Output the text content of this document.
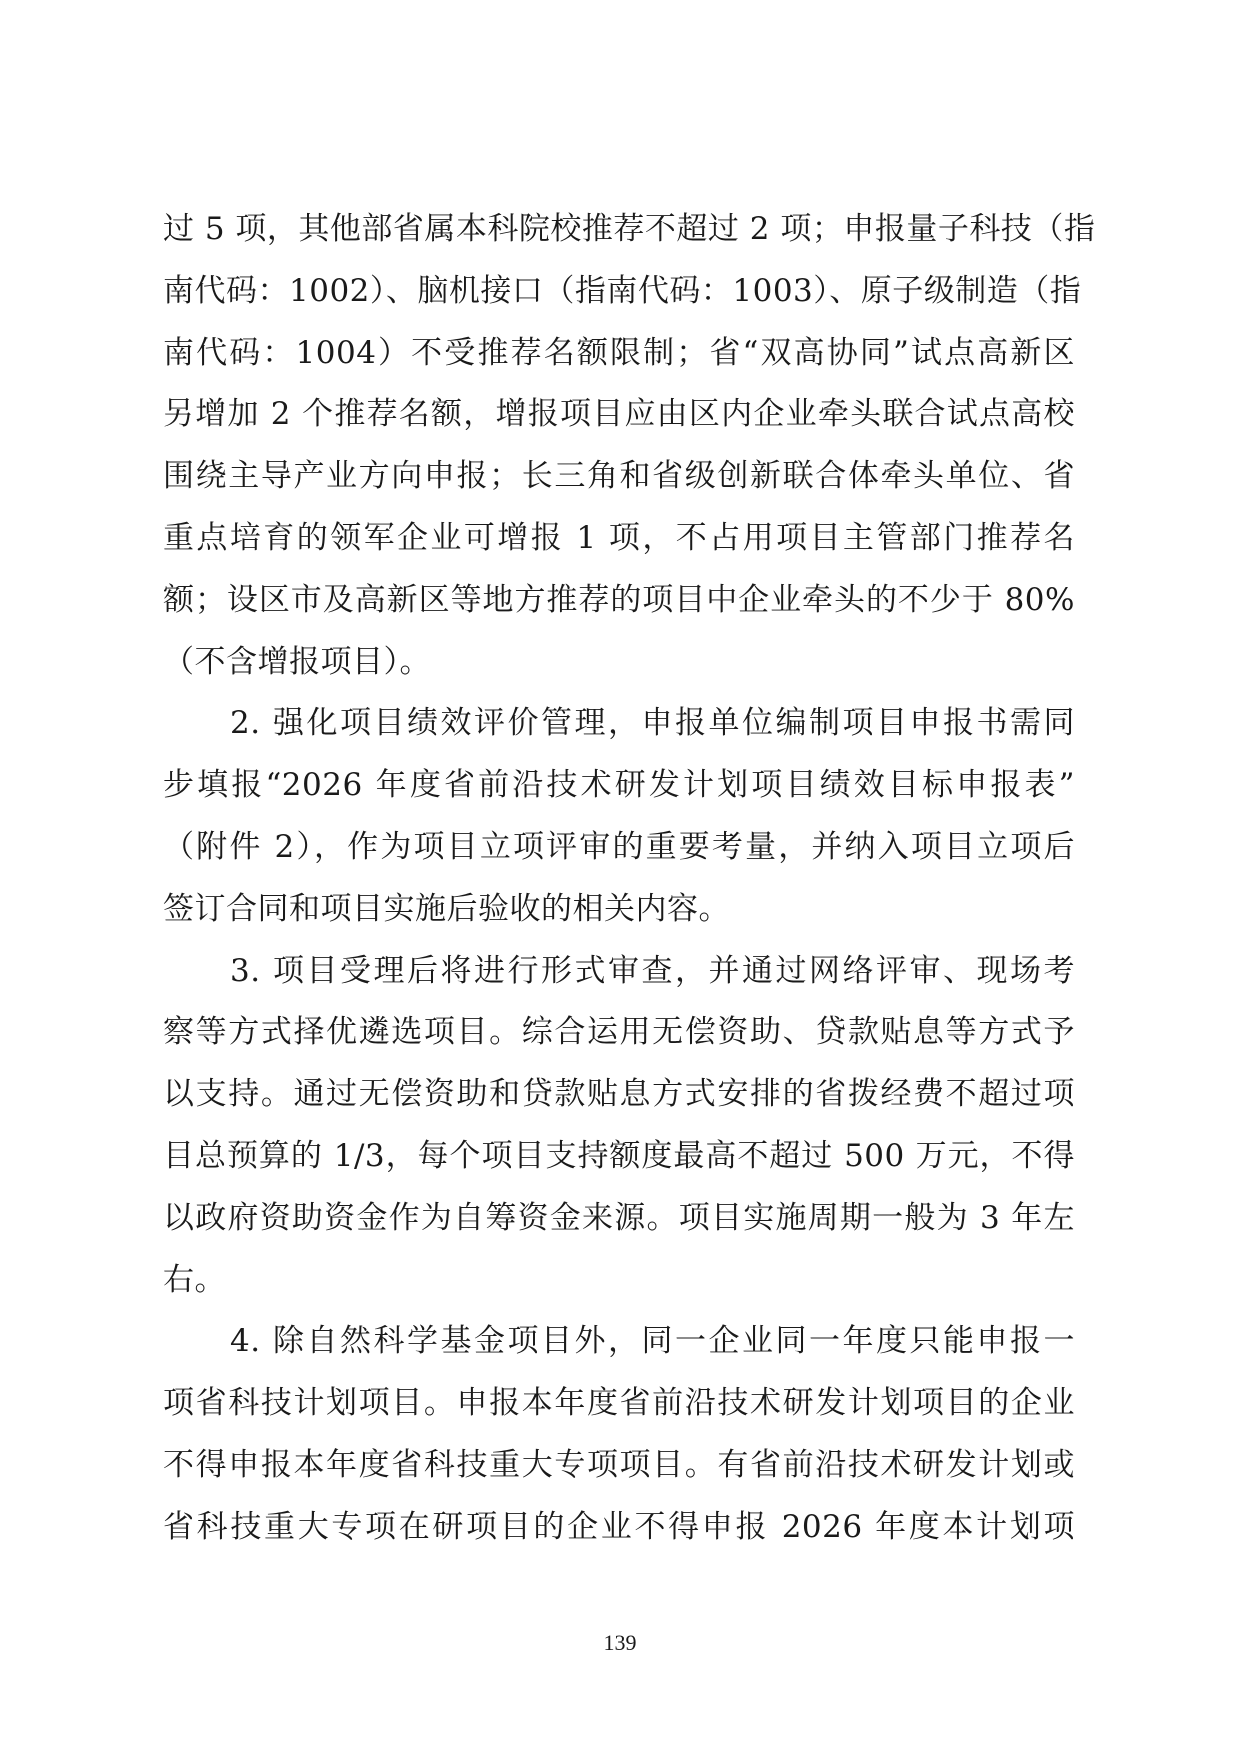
过 5 项，其他部省属本科院校推荐不超过 2 项；申报量子科技（指
南代码：1002）、脑机接口（指南代码：1003）、原子级制造（指
南代码：1004）不受推荐名额限制；省“双高协同”试点高新区
另增加 2 个推荐名额，增报项目应由区内企业牵头联合试点高校
围绕主导产业方向申报；长三角和省级创新联合体牵头单位、省
重点培育的领军企业可增报 1 项，不占用项目主管部门推荐名
额；设区市及高新区等地方推荐的项目中企业牵头的不少于 80%
（不含增报项目）。
　　2. 强化项目绩效评价管理，申报单位编制项目申报书需同
步填报“2026 年度省前沿技术研发计划项目绩效目标申报表”
（附件 2），作为项目立项评审的重要考量，并纳入项目立项后
签订合同和项目实施后验收的相关内容。
　　3. 项目受理后将进行形式审查，并通过网络评审、现场考
察等方式择优遴选项目。综合运用无偿资助、贷款贴息等方式予
以支持。通过无偿资助和贷款贴息方式安排的省拨经费不超过项
目总预算的 1/3，每个项目支持额度最高不超过 500 万元，不得
以政府资助资金作为自筹资金来源。项目实施周期一般为 3 年左
右。
　　4. 除自然科学基金项目外，同一企业同一年度只能申报一
项省科技计划项目。申报本年度省前沿技术研发计划项目的企业
不得申报本年度省科技重大专项项目。有省前沿技术研发计划或
省科技重大专项在研项目的企业不得申报 2026 年度本计划项
139
